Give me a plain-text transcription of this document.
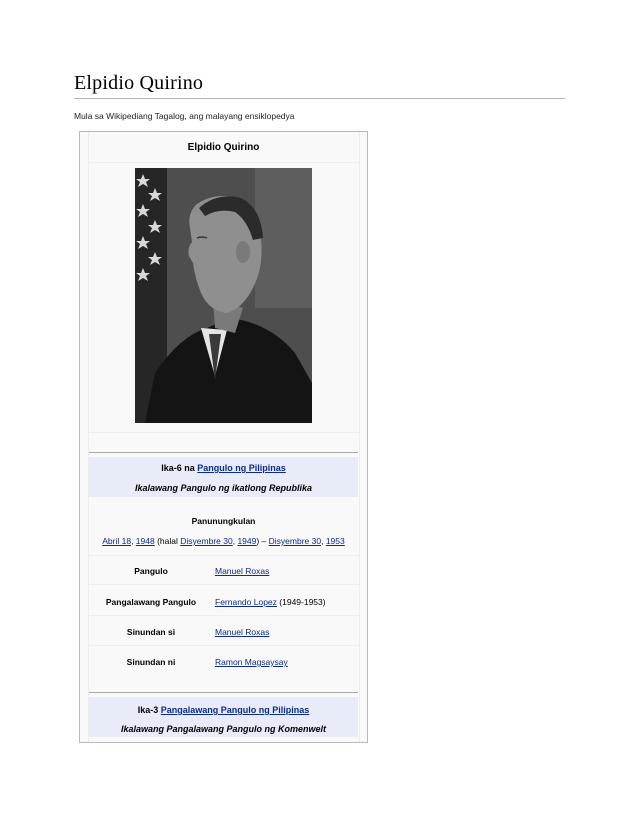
Elpidio Quirino
Mula sa Wikipediang Tagalog, ang malayang ensiklopedya
Elpidio Quirino
Ika-6 na Pangulo ng Pilipinas
Ikalawang Pangulo ng ikatlong Republika
Panunungkulan
Abril 18, 1948 (halal Disyembre 30, 1949) – Disyembre 30, 1953
Pangulo	Manuel Roxas
Pangalawang Pangulo	Fernando Lopez (1949-1953)
Sinundan si	Manuel Roxas
Sinundan ni	Ramon Magsaysay
Ika-3 Pangalawang Pangulo ng Pilipinas
Ikalawang Pangalawang Pangulo ng Komenwelt
